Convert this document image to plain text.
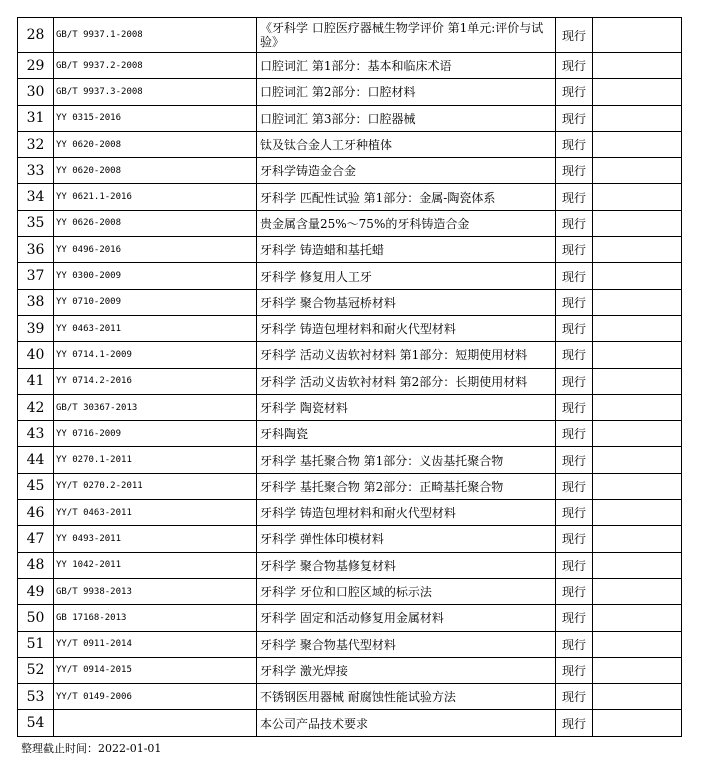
28	GB/T 9937.1-2008	《牙科学 口腔医疗器械生物学评价 第1单元:评价与试验》	现行	
29	GB/T 9937.2-2008	口腔词汇 第1部分：基本和临床术语	现行	
30	GB/T 9937.3-2008	口腔词汇 第2部分：口腔材料	现行	
31	YY 0315-2016	口腔词汇 第3部分：口腔器械	现行	
32	YY 0620-2008	钛及钛合金人工牙种植体	现行	
33	YY 0620-2008	牙科学铸造金合金	现行	
34	YY 0621.1-2016	牙科学 匹配性试验 第1部分：金属-陶瓷体系	现行	
35	YY 0626-2008	贵金属含量25%～75%的牙科铸造合金	现行	
36	YY 0496-2016	牙科学 铸造蜡和基托蜡	现行	
37	YY 0300-2009	牙科学 修复用人工牙	现行	
38	YY 0710-2009	牙科学 聚合物基冠桥材料	现行	
39	YY 0463-2011	牙科学 铸造包埋材料和耐火代型材料	现行	
40	YY 0714.1-2009	牙科学 活动义齿软衬材料 第1部分：短期使用材料	现行	
41	YY 0714.2-2016	牙科学 活动义齿软衬材料 第2部分：长期使用材料	现行	
42	GB/T 30367-2013	牙科学 陶瓷材料	现行	
43	YY 0716-2009	牙科陶瓷	现行	
44	YY 0270.1-2011	牙科学 基托聚合物 第1部分：义齿基托聚合物	现行	
45	YY/T 0270.2-2011	牙科学 基托聚合物 第2部分：正畸基托聚合物	现行	
46	YY/T 0463-2011	牙科学 铸造包埋材料和耐火代型材料	现行	
47	YY 0493-2011	牙科学 弹性体印模材料	现行	
48	YY 1042-2011	牙科学 聚合物基修复材料	现行	
49	GB/T 9938-2013	牙科学 牙位和口腔区域的标示法	现行	
50	GB 17168-2013	牙科学 固定和活动修复用金属材料	现行	
51	YY/T 0911-2014	牙科学 聚合物基代型材料	现行	
52	YY/T 0914-2015	牙科学 激光焊接	现行	
53	YY/T 0149-2006	不锈钢医用器械 耐腐蚀性能试验方法	现行	
54		本公司产品技术要求	现行	
整理截止时间：2022-01-01
